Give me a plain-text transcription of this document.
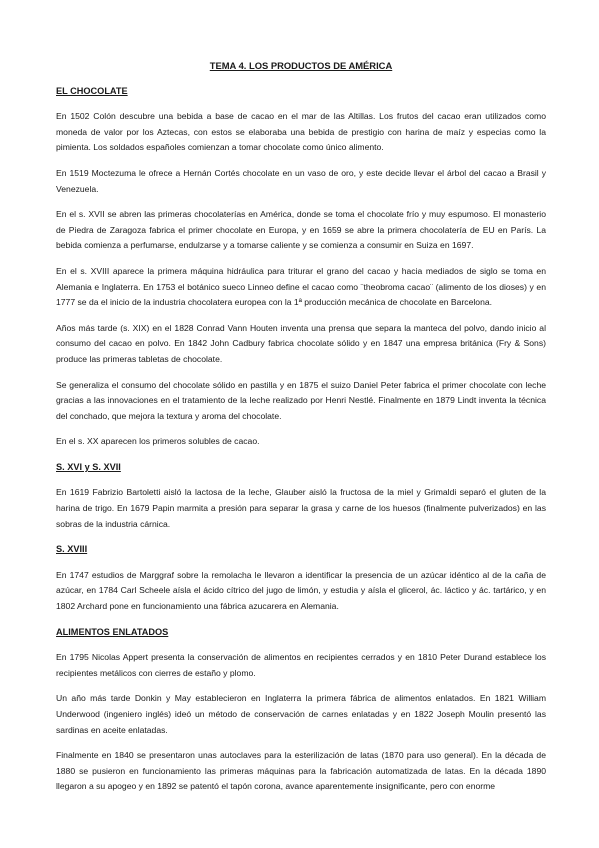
TEMA 4. LOS PRODUCTOS DE AMÉRICA
EL CHOCOLATE

En 1502 Colón descubre una bebida a base de cacao en el mar de las Altillas. Los frutos del cacao eran utilizados como moneda de valor por los Aztecas, con estos se elaboraba una bebida de prestigio con harina de maíz y especias como la pimienta. Los soldados españoles comienzan a tomar chocolate como único alimento.

En 1519 Moctezuma le ofrece a Hernán Cortés chocolate en un vaso de oro, y este decide llevar el árbol del cacao a Brasil y Venezuela.

En el s. XVII se abren las primeras chocolaterías en América, donde se toma el chocolate frío y muy espumoso. El monasterio de Piedra de Zaragoza fabrica el primer chocolate en Europa, y en 1659 se abre la primera chocolatería de EU en París. La bebida comienza a perfumarse, endulzarse y a tomarse caliente y se comienza a consumir en Suiza en 1697.

En el s. XVIII aparece la primera máquina hidráulica para triturar el grano del cacao y hacia mediados de siglo se toma en Alemania e Inglaterra. En 1753 el botánico sueco Linneo define el cacao como ¨theobroma cacao¨ (alimento de los dioses) y en 1777 se da el inicio de la industria chocolatera europea con la 1ª producción mecánica de chocolate en Barcelona.

Años más tarde (s. XIX) en el 1828 Conrad Vann Houten inventa una prensa que separa la manteca del polvo, dando inicio al consumo del cacao en polvo. En 1842 John Cadbury fabrica chocolate sólido y en 1847 una empresa británica (Fry & Sons) produce las primeras tabletas de chocolate.

Se generaliza el consumo del chocolate sólido en pastilla y en 1875 el suizo Daniel Peter fabrica el primer chocolate con leche gracias a las innovaciones en el tratamiento de la leche realizado por Henri Nestlé. Finalmente en 1879 Lindt inventa la técnica del conchado, que mejora la textura y aroma del chocolate.

En el s. XX aparecen los primeros solubles de cacao.

S. XVI y S. XVII

En 1619 Fabrizio Bartoletti aisló la lactosa de la leche, Glauber aisló la fructosa de la miel y Grimaldi separó el gluten de la harina de trigo. En 1679 Papin marmita a presión para separar la grasa y carne de los huesos (finalmente pulverizados) en las sobras de la industria cárnica.

S. XVIII

En 1747 estudios de Marggraf sobre la remolacha le llevaron a identificar la presencia de un azúcar idéntico al de la caña de azúcar, en 1784 Carl Scheele aísla el ácido cítrico del jugo de limón, y estudia y aísla el glicerol, ác. láctico y ác. tartárico, y en 1802 Archard pone en funcionamiento una fábrica azucarera en Alemania.

ALIMENTOS ENLATADOS

En 1795 Nicolas Appert presenta la conservación de alimentos en recipientes cerrados y en 1810 Peter Durand establece los recipientes metálicos con cierres de estaño y plomo.

Un año más tarde Donkin y May establecieron en Inglaterra la primera fábrica de alimentos enlatados. En 1821 William Underwood (ingeniero inglés) ideó un método de conservación de carnes enlatadas y en 1822 Joseph Moulin presentó las sardinas en aceite enlatadas.

Finalmente en 1840 se presentaron unas autoclaves para la esterilización de latas (1870 para uso general). En la década de 1880 se pusieron en funcionamiento las primeras máquinas para la fabricación automatizada de latas. En la década 1890 llegaron a su apogeo y en 1892 se patentó el tapón corona, avance aparentemente insignificante, pero con enorme
